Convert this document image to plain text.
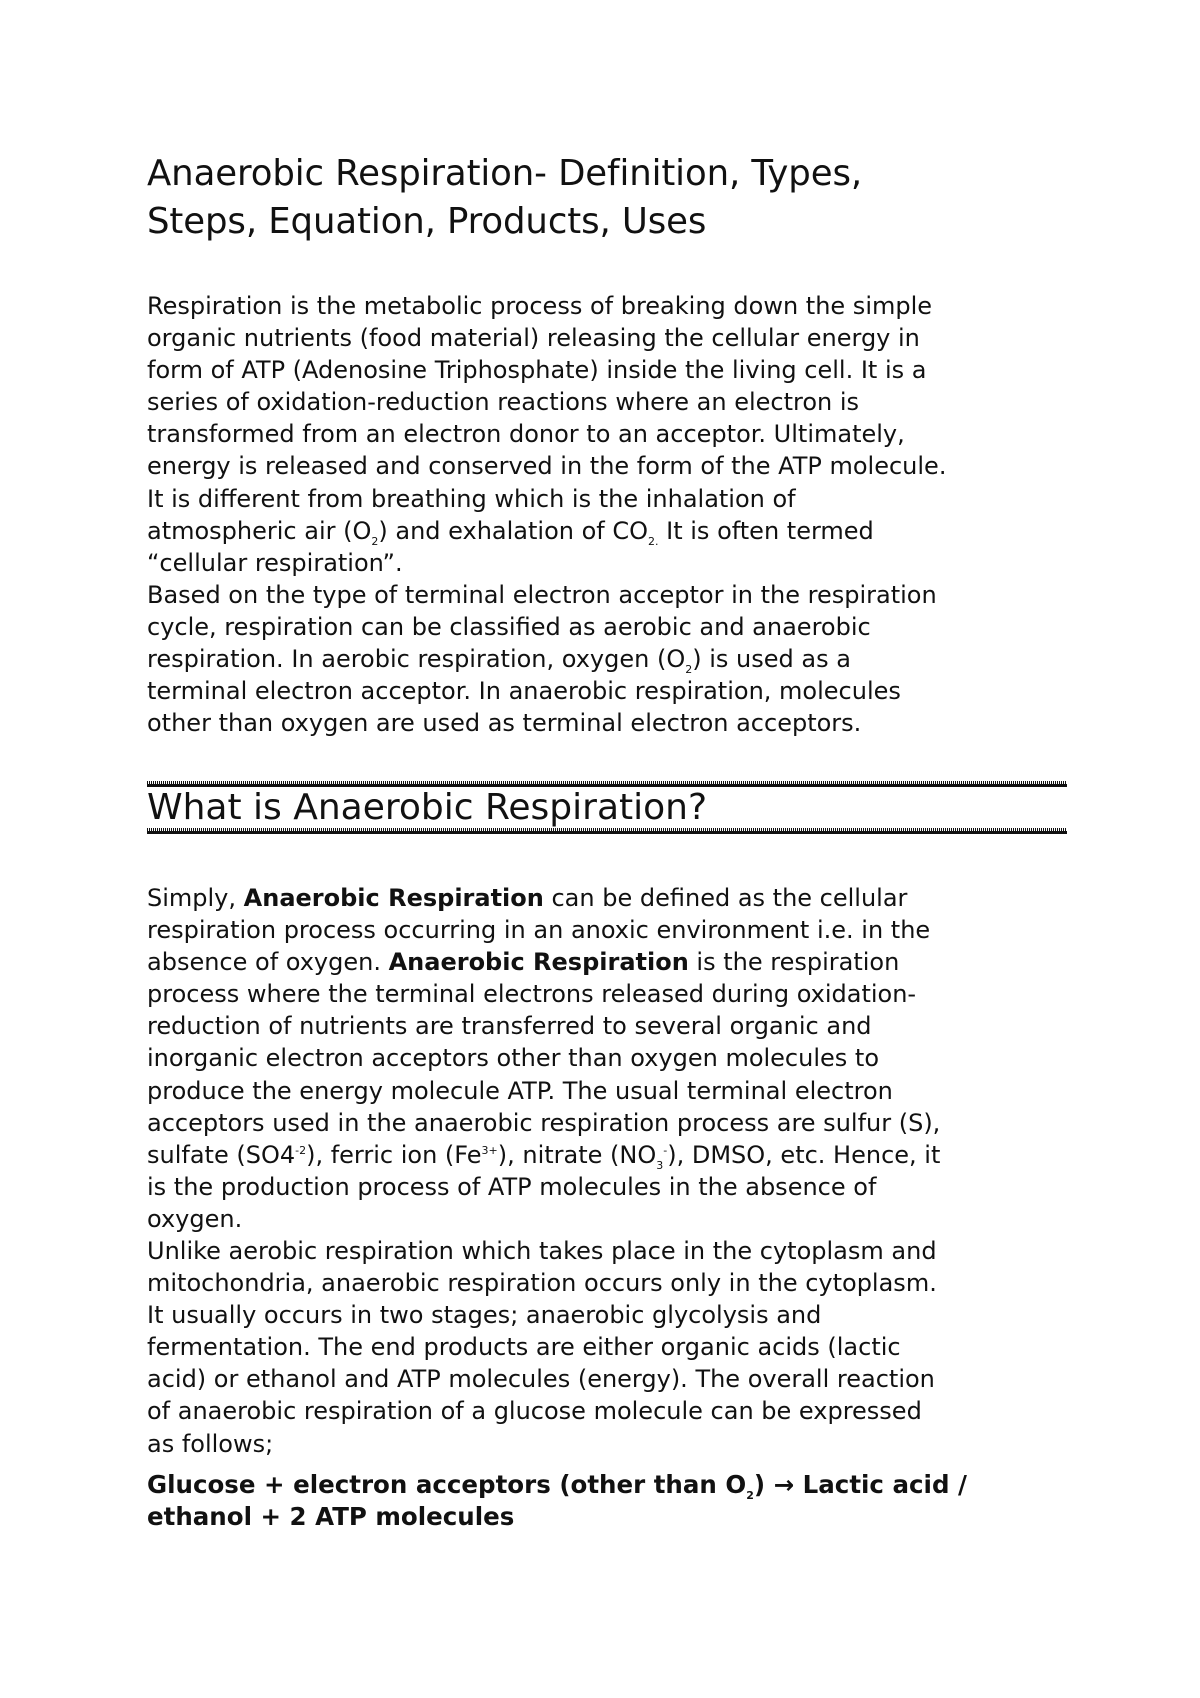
Anaerobic Respiration- Definition, Types,
Steps, Equation, Products, Uses

Respiration is the metabolic process of breaking down the simple
organic nutrients (food material) releasing the cellular energy in
form of ATP (Adenosine Triphosphate) inside the living cell. It is a
series of oxidation-reduction reactions where an electron is
transformed from an electron donor to an acceptor. Ultimately,
energy is released and conserved in the form of the ATP molecule.
It is different from breathing which is the inhalation of
atmospheric air $(O_2)$ and exhalation of $CO_{2.}$ It is often termed
“cellular respiration”.

Based on the type of terminal electron acceptor in the respiration
cycle, respiration can be classified as aerobic and anaerobic
respiration. In aerobic respiration, oxygen $(O_2)$ is used as a
terminal electron acceptor. In anaerobic respiration, molecules
other than oxygen are used as terminal electron acceptors.

What is Anaerobic Respiration?

Simply, Anaerobic Respiration can be defined as the cellular
respiration process occurring in an anoxic environment i.e. in the
absence of oxygen. Anaerobic Respiration is the respiration
process where the terminal electrons released during oxidation-
reduction of nutrients are transferred to several organic and
inorganic electron acceptors other than oxygen molecules to
produce the energy molecule ATP. The usual terminal electron
acceptors used in the anaerobic respiration process are sulfur (S),
sulfate $(SO4^{-2})$, ferric ion $(Fe^{3+})$, nitrate $(NO_3^-)$, DMSO, etc. Hence, it
is the production process of ATP molecules in the absence of
oxygen.

Unlike aerobic respiration which takes place in the cytoplasm and
mitochondria, anaerobic respiration occurs only in the cytoplasm.
It usually occurs in two stages; anaerobic glycolysis and
fermentation. The end products are either organic acids (lactic
acid) or ethanol and ATP molecules (energy). The overall reaction
of anaerobic respiration of a glucose molecule can be expressed
as follows;

Glucose + electron acceptors (other than $O_2$) → Lactic acid /
ethanol + 2 ATP molecules
